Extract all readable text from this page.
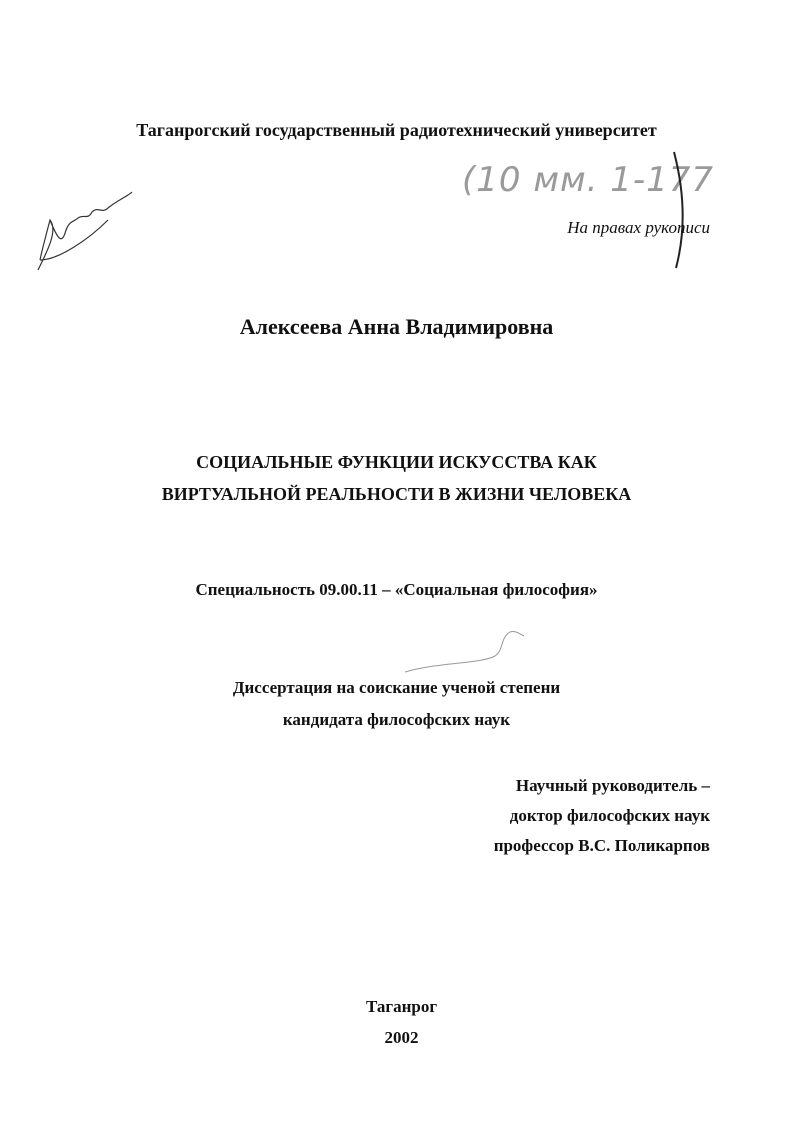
Таганрогский государственный радиотехнический университет
(10 мм. 1-177
На правах рукописи
Алексеева Анна Владимировна
СОЦИАЛЬНЫЕ ФУНКЦИИ ИСКУССТВА КАК
ВИРТУАЛЬНОЙ РЕАЛЬНОСТИ В ЖИЗНИ ЧЕЛОВЕКА
Специальность 09.00.11 – «Социальная философия»
Диссертация на соискание ученой степени
кандидата философских наук
Научный руководитель –
доктор философских наук
профессор В.С. Поликарпов
Таганрог
2002
